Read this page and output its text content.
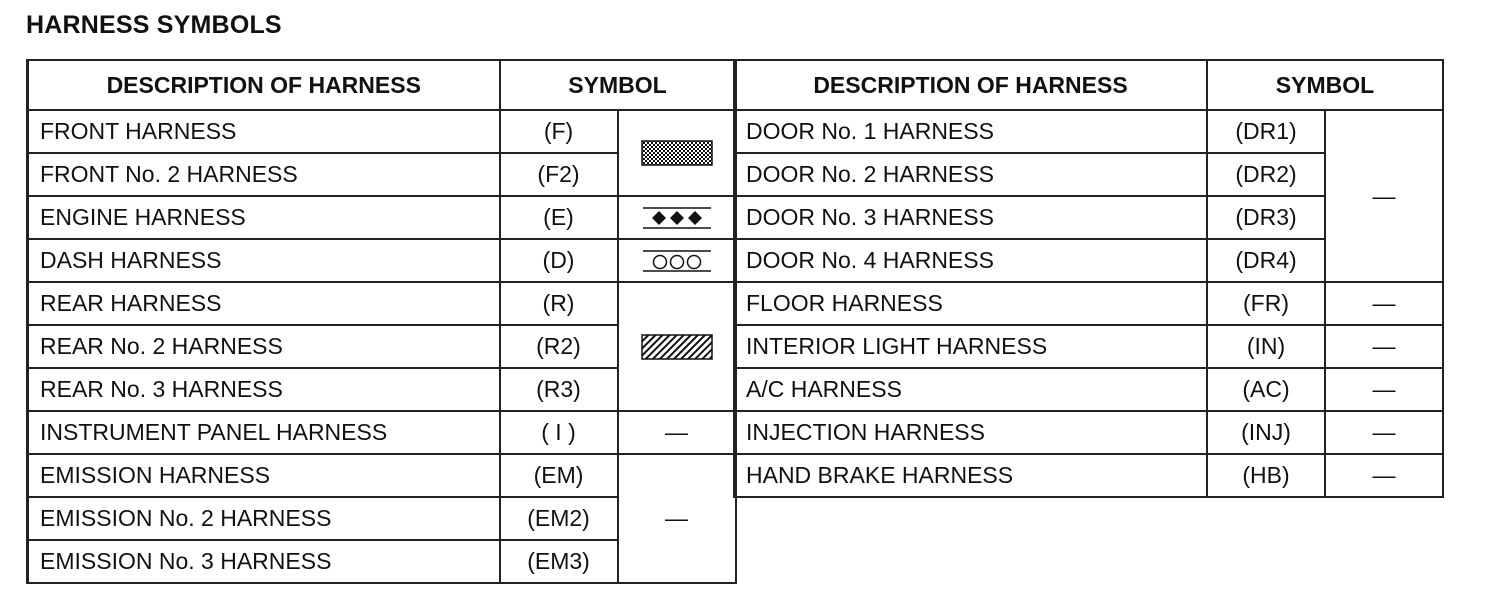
HARNESS SYMBOLS
DESCRIPTION OF HARNESS	SYMBOL	
FRONT HARNESS	(F)	

FRONT No. 2 HARNESS	(F2)	
ENGINE HARNESS	(E)	

DASH HARNESS	(D)	

REAR HARNESS	(R)	

REAR No. 2 HARNESS	(R2)	
REAR No. 3 HARNESS	(R3)	
INSTRUMENT PANEL HARNESS	( I )	—
EMISSION HARNESS	(EM)	—
EMISSION No. 2 HARNESS	(EM2)	
EMISSION No. 3 HARNESS	(EM3)	
DESCRIPTION OF HARNESS	SYMBOL	
DOOR No. 1 HARNESS	(DR1)	—
DOOR No. 2 HARNESS	(DR2)	
DOOR No. 3 HARNESS	(DR3)	
DOOR No. 4 HARNESS	(DR4)	
FLOOR HARNESS	(FR)	—
INTERIOR LIGHT HARNESS	(IN)	—
A/C HARNESS	(AC)	—
INJECTION HARNESS	(INJ)	—
HAND BRAKE HARNESS	(HB)	—
